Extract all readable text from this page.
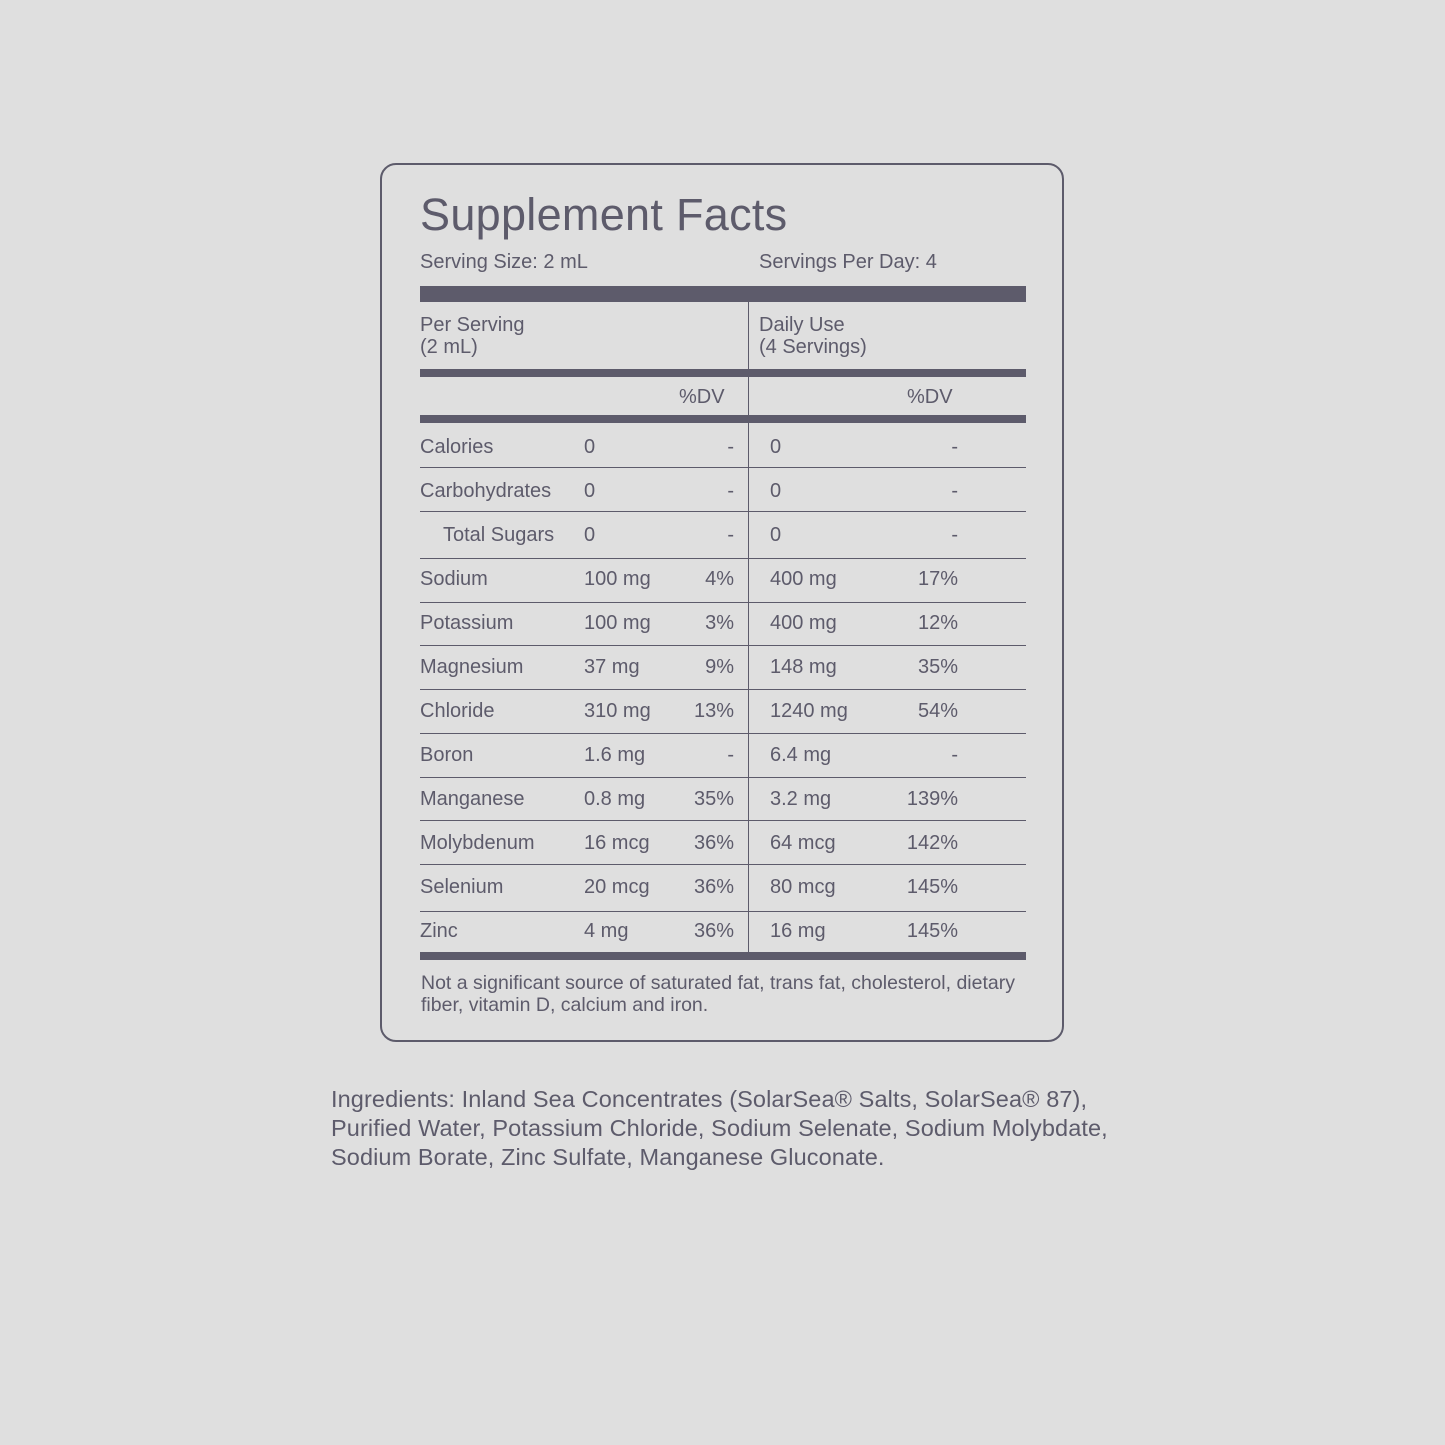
Supplement Facts
Serving Size: 2 mL	Servings Per Day: 4
Per Serving
(2 mL)
Daily Use
(4 Servings)
%DV	%DV
Calories	0	- 0	-
Carbohydrates 0	- 0	-
Total Sugars 0	- 0	-
Sodium	100 mg	4% 400 mg	17%
Potassium	100 mg	3% 400 mg	12%
Magnesium	37 mg	9% 148 mg	35%
Chloride	310 mg	13% 1240 mg	54%
Boron	1.6 mg	- 6.4 mg	-
Manganese	0.8 mg	35% 3.2 mg	139%
Molybdenum 16 mcg	36% 64 mcg	142%
Selenium	20 mcg	36% 80 mcg	145%
Zinc	4 mg	36% 16 mg	145%
Not a significant source of saturated fat, trans fat, cholesterol, dietary fiber, vitamin D, calcium and iron.
Ingredients: Inland Sea Concentrates (SolarSea® Salts, SolarSea® 87), Purified Water, Potassium Chloride, Sodium Selenate, Sodium Molybdate, Sodium Borate, Zinc Sulfate, Manganese Gluconate.
